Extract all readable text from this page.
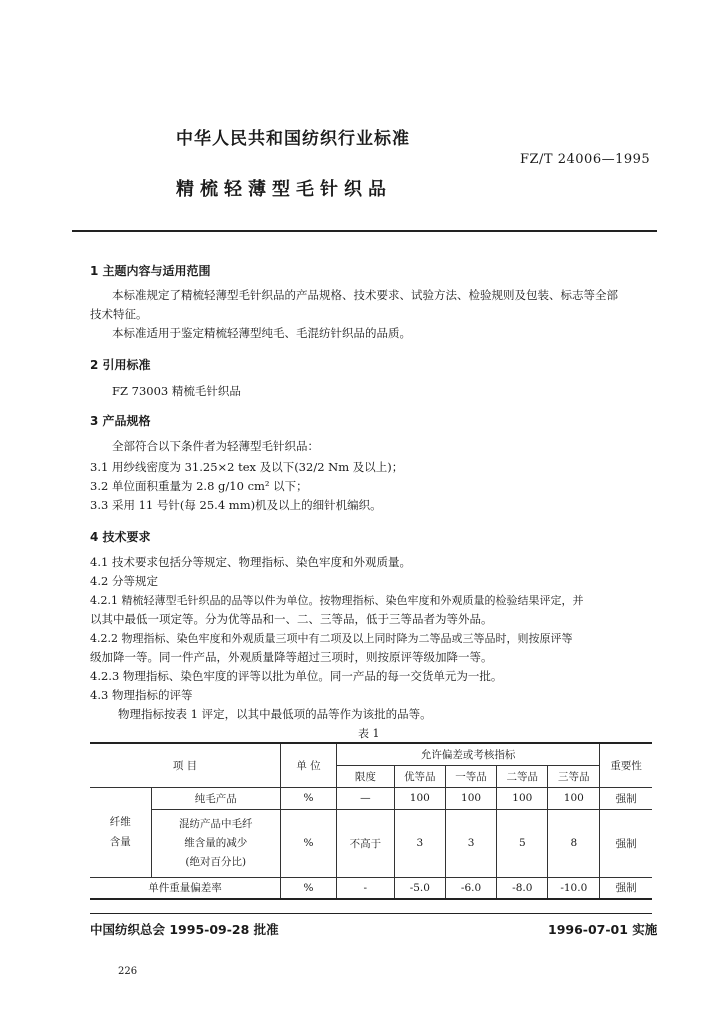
中华人民共和国纺织行业标准
FZ/T 24006—1995
精梳轻薄型毛针织品
1 主题内容与适用范围
本标准规定了精梳轻薄型毛针织品的产品规格、技术要求、试验方法、检验规则及包装、标志等全部
技术特征。
本标准适用于鉴定精梳轻薄型纯毛、毛混纺针织品的品质。
2 引用标准
FZ 73003 精梳毛针织品
3 产品规格
全部符合以下条件者为轻薄型毛针织品：
3.1 用纱线密度为 31.25×2 tex 及以下(32/2 Nm 及以上)；
3.2 单位面积重量为 2.8 g/10 cm² 以下；
3.3 采用 11 号针(每 25.4 mm)机及以上的细针机编织。
4 技术要求
4.1 技术要求包括分等规定、物理指标、染色牢度和外观质量。
4.2 分等规定
4.2.1 精梳轻薄型毛针织品的品等以件为单位。按物理指标、染色牢度和外观质量的检验结果评定，并
以其中最低一项定等。分为优等品和一、二、三等品，低于三等品者为等外品。
4.2.2 物理指标、染色牢度和外观质量三项中有二项及以上同时降为二等品或三等品时，则按原评等
级加降一等。同一件产品，外观质量降等超过三项时，则按原评等级加降一等。
4.2.3 物理指标、染色牢度的评等以批为单位。同一产品的每一交货单元为一批。
4.3 物理指标的评等
物理指标按表 1 评定，以其中最低项的品等作为该批的品等。
表 1
项 目		单 位	允许偏差或考核指标					重要性
			限度	优等品	一等品	二等品	三等品	
纤维含量	纯毛产品	%	—	100	100	100	100	强制

	混纺产品中毛纤
维含量的减少
(绝对百分比)	%	不高于	3	3	5	8	强制
单件重量偏差率		%	-	-5.0	-6.0	-8.0	-10.0	强制
中国纺织总会 1995-09-28 批准	1996-07-01 实施
226
